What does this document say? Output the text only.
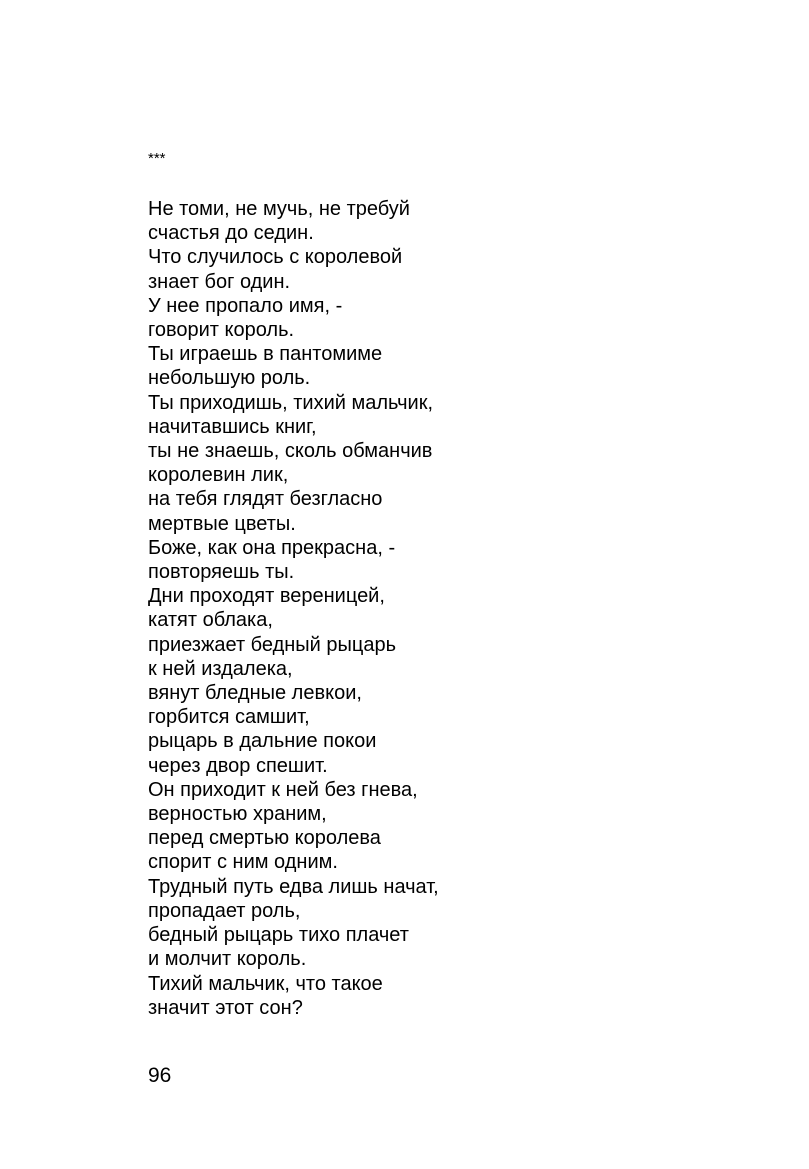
***
Не томи, не мучь, не требуй
счастья до седин.
Что случилось с королевой
знает бог один.
У нее пропало имя, -
говорит король.
Ты играешь в пантомиме
небольшую роль.
Ты приходишь, тихий мальчик,
начитавшись книг,
ты не знаешь, сколь обманчив
королевин лик,
на тебя глядят безгласно
мертвые цветы.
Боже, как она прекрасна, -
повторяешь ты.
Дни проходят вереницей,
катят облака,
приезжает бедный рыцарь
к ней издалека,
вянут бледные левкои,
горбится самшит,
рыцарь в дальние покои
через двор спешит.
Он приходит к ней без гнева,
верностью храним,
перед смертью королева
спорит с ним одним.
Трудный путь едва лишь начат,
пропадает роль,
бедный рыцарь тихо плачет
и молчит король.
Тихий мальчик, что такое
значит этот сон?
96
